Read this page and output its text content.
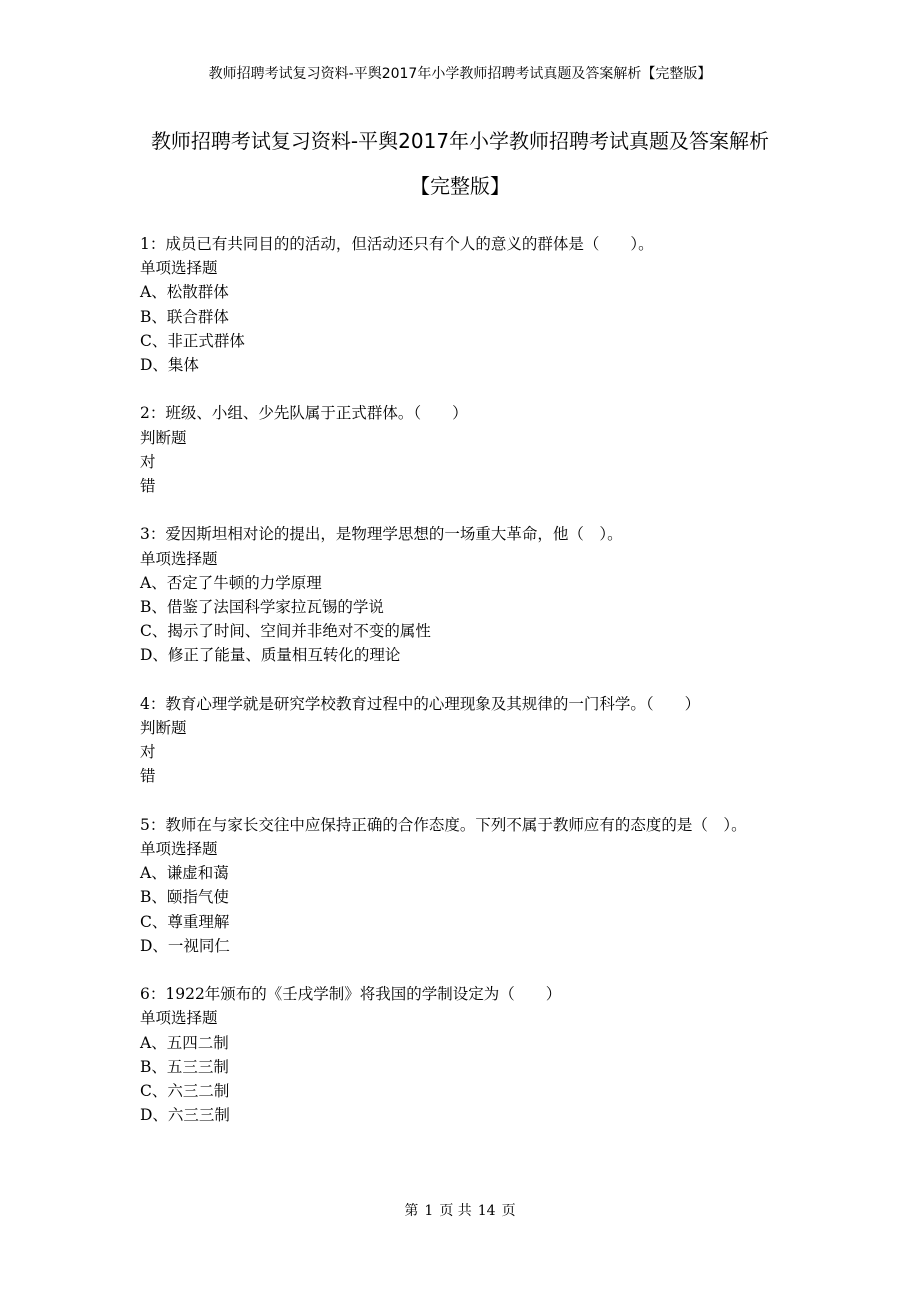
教师招聘考试复习资料-平舆2017年小学教师招聘考试真题及答案解析【完整版】
教师招聘考试复习资料-平舆2017年小学教师招聘考试真题及答案解析【完整版】
1：成员已有共同目的的活动，但活动还只有个人的意义的群体是（　　）。
单项选择题
A、松散群体
B、联合群体
C、非正式群体
D、集体
2：班级、小组、少先队属于正式群体。（　　）
判断题
对
错
3：爱因斯坦相对论的提出，是物理学思想的一场重大革命，他（　）。
单项选择题
A、否定了牛顿的力学原理
B、借鉴了法国科学家拉瓦锡的学说
C、揭示了时间、空间并非绝对不变的属性
D、修正了能量、质量相互转化的理论
4：教育心理学就是研究学校教育过程中的心理现象及其规律的一门科学。（　　）
判断题
对
错
5：教师在与家长交往中应保持正确的合作态度。下列不属于教师应有的态度的是（　）。
单项选择题
A、谦虚和蔼
B、颐指气使
C、尊重理解
D、一视同仁
6：1922年颁布的《壬戌学制》将我国的学制设定为（　　）
单项选择题
A、五四二制
B、五三三制
C、六三二制
D、六三三制
第 1 页 共 14 页
